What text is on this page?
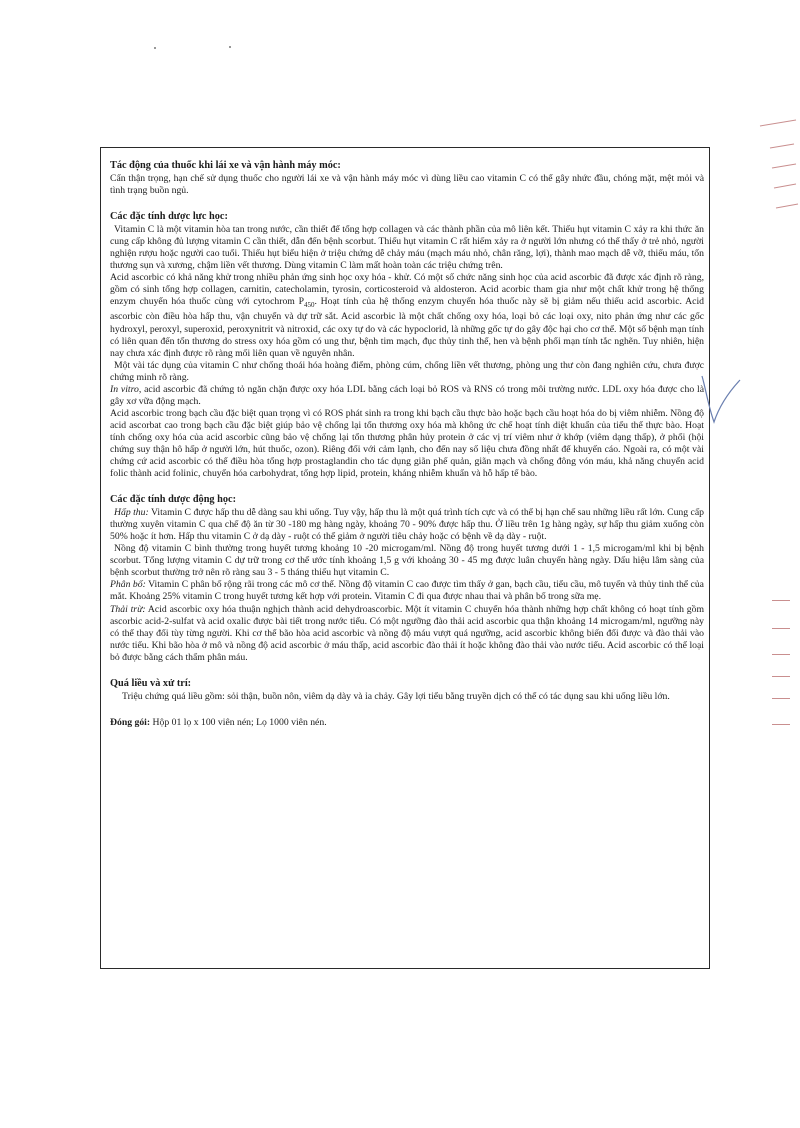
Tác động của thuốc khi lái xe và vận hành máy móc:

Cẩn thận trọng, hạn chế sử dụng thuốc cho người lái xe và vận hành máy móc vì dùng liều cao vitamin C có thể gây nhức đầu, chóng mặt, mệt mỏi và tình trạng buồn ngủ.

Các đặc tính dược lực học:

Vitamin C là một vitamin hòa tan trong nước, cần thiết để tổng hợp collagen và các thành phần của mô liên kết. Thiếu hụt vitamin C xảy ra khi thức ăn cung cấp không đủ lượng vitamin C cần thiết, dẫn đến bệnh scorbut. Thiếu hụt vitamin C rất hiếm xảy ra ở người lớn nhưng có thể thấy ở trẻ nhỏ, người nghiện rượu hoặc người cao tuổi. Thiếu hụt biểu hiện ở triệu chứng dễ chảy máu (mạch máu nhỏ, chân răng, lợi), thành mao mạch dễ vỡ, thiếu máu, tổn thương sụn và xương, chậm liền vết thương. Dùng vitamin C làm mất hoàn toàn các triệu chứng trên.

Acid ascorbic có khả năng khử trong nhiều phản ứng sinh học oxy hóa - khử. Có một số chức năng sinh học của acid ascorbic đã được xác định rõ ràng, gồm có sinh tổng hợp collagen, carnitin, catecholamin, tyrosin, corticosteroid và aldosteron. Acid acorbic tham gia như một chất khử trong hệ thống enzym chuyển hóa thuốc cùng với cytochrom $P_{450}$. Hoạt tính của hệ thống enzym chuyển hóa thuốc này sẽ bị giảm nếu thiếu acid ascorbic. Acid ascorbic còn điều hòa hấp thu, vận chuyển và dự trữ sắt. Acid ascorbic là một chất chống oxy hóa, loại bỏ các loại oxy, nito phản ứng như các gốc hydroxyl, peroxyl, superoxid, peroxynitrit và nitroxid, các oxy tự do và các hypoclorid, là những gốc tự do gây độc hại cho cơ thể. Một số bệnh mạn tính có liên quan đến tổn thương do stress oxy hóa gồm có ung thư, bệnh tim mạch, đục thủy tinh thể, hen và bệnh phổi mạn tính tắc nghẽn. Tuy nhiên, hiện nay chưa xác định được rõ ràng mối liên quan về nguyên nhân.

Một vài tác dụng của vitamin C như chống thoái hóa hoàng điểm, phòng cúm, chống liền vết thương, phòng ung thư còn đang nghiên cứu, chưa được chứng minh rõ ràng.

In vitro, acid ascorbic đã chứng tỏ ngăn chặn được oxy hóa LDL bằng cách loại bỏ ROS và RNS có trong môi trường nước. LDL oxy hóa được cho là gây xơ vữa động mạch.

Acid ascorbic trong bạch cầu đặc biệt quan trọng vì có ROS phát sinh ra trong khi bạch cầu thực bào hoặc bạch cầu hoạt hóa do bị viêm nhiễm. Nồng độ acid ascorbat cao trong bạch cầu đặc biệt giúp bảo vệ chống lại tổn thương oxy hóa mà không ức chế hoạt tính diệt khuẩn của tiểu thể thực bào. Hoạt tính chống oxy hóa của acid ascorbic cũng bảo vệ chống lại tổn thương phân hủy protein ở các vị trí viêm như ở khớp (viêm dạng thấp), ở phổi (hội chứng suy thận hô hấp ở người lớn, hút thuốc, ozon). Riêng đối với cảm lạnh, cho đến nay số liệu chưa đồng nhất để khuyến cáo. Ngoài ra, có một vài chứng cứ acid ascorbic có thể điều hòa tổng hợp prostaglandin cho tác dụng giãn phế quản, giãn mạch và chống đông vón máu, khả năng chuyển acid folic thành acid folinic, chuyển hóa carbohydrat, tổng hợp lipid, protein, kháng nhiễm khuẩn và hỗ hấp tế bào.

Các đặc tính dược động học:

Hấp thu: Vitamin C được hấp thu dễ dàng sau khi uống. Tuy vậy, hấp thu là một quá trình tích cực và có thể bị hạn chế sau những liều rất lớn. Cung cấp thường xuyên vitamin C qua chế độ ăn từ 30 -180 mg hàng ngày, khoảng 70 - 90% được hấp thu. Ở liều trên 1g hàng ngày, sự hấp thu giảm xuống còn 50% hoặc ít hơn. Hấp thu vitamin C ở dạ dày - ruột có thể giảm ở người tiêu chảy hoặc có bệnh về dạ dày - ruột.

Nồng độ vitamin C bình thường trong huyết tương khoảng 10 -20 microgam/ml. Nồng độ trong huyết tương dưới 1 - 1,5 microgam/ml khi bị bệnh scorbut. Tổng lượng vitamin C dự trữ trong cơ thể ước tính khoảng 1,5 g với khoảng 30 - 45 mg được luân chuyển hàng ngày. Dấu hiệu lâm sàng của bệnh scorbut thường trở nên rõ ràng sau 3 - 5 tháng thiếu hụt vitamin C.

Phân bố: Vitamin C phân bố rộng rãi trong các mô cơ thể. Nồng độ vitamin C cao được tìm thấy ở gan, bạch cầu, tiểu cầu, mô tuyến và thủy tinh thể của mắt. Khoảng 25% vitamin C trong huyết tương kết hợp với protein. Vitamin C đi qua được nhau thai và phân bố trong sữa mẹ.

Thải trừ: Acid ascorbic oxy hóa thuận nghịch thành acid dehydroascorbic. Một ít vitamin C chuyển hóa thành những hợp chất không có hoạt tính gồm ascorbic acid-2-sulfat và acid oxalic được bài tiết trong nước tiểu. Có một ngưỡng đào thải acid ascorbic qua thận khoảng 14 microgam/ml, ngưỡng này có thể thay đổi tùy từng người. Khi cơ thể bão hòa acid ascorbic và nồng độ máu vượt quá ngưỡng, acid ascorbic không biến đổi được và đào thải vào nước tiểu. Khi bão hòa ở mô và nồng độ acid ascorbic ở máu thấp, acid ascorbic đào thải ít hoặc không đào thải vào nước tiểu. Acid ascorbic có thể loại bỏ được bằng cách thẩm phân máu.

Quá liều và xử trí:

Triệu chứng quá liều gồm: sỏi thận, buồn nôn, viêm dạ dày và ỉa chảy. Gây lợi tiểu bằng truyền dịch có thể có tác dụng sau khi uống liều lớn.

Đóng gói: Hộp 01 lọ x 100 viên nén; Lọ 1000 viên nén.
